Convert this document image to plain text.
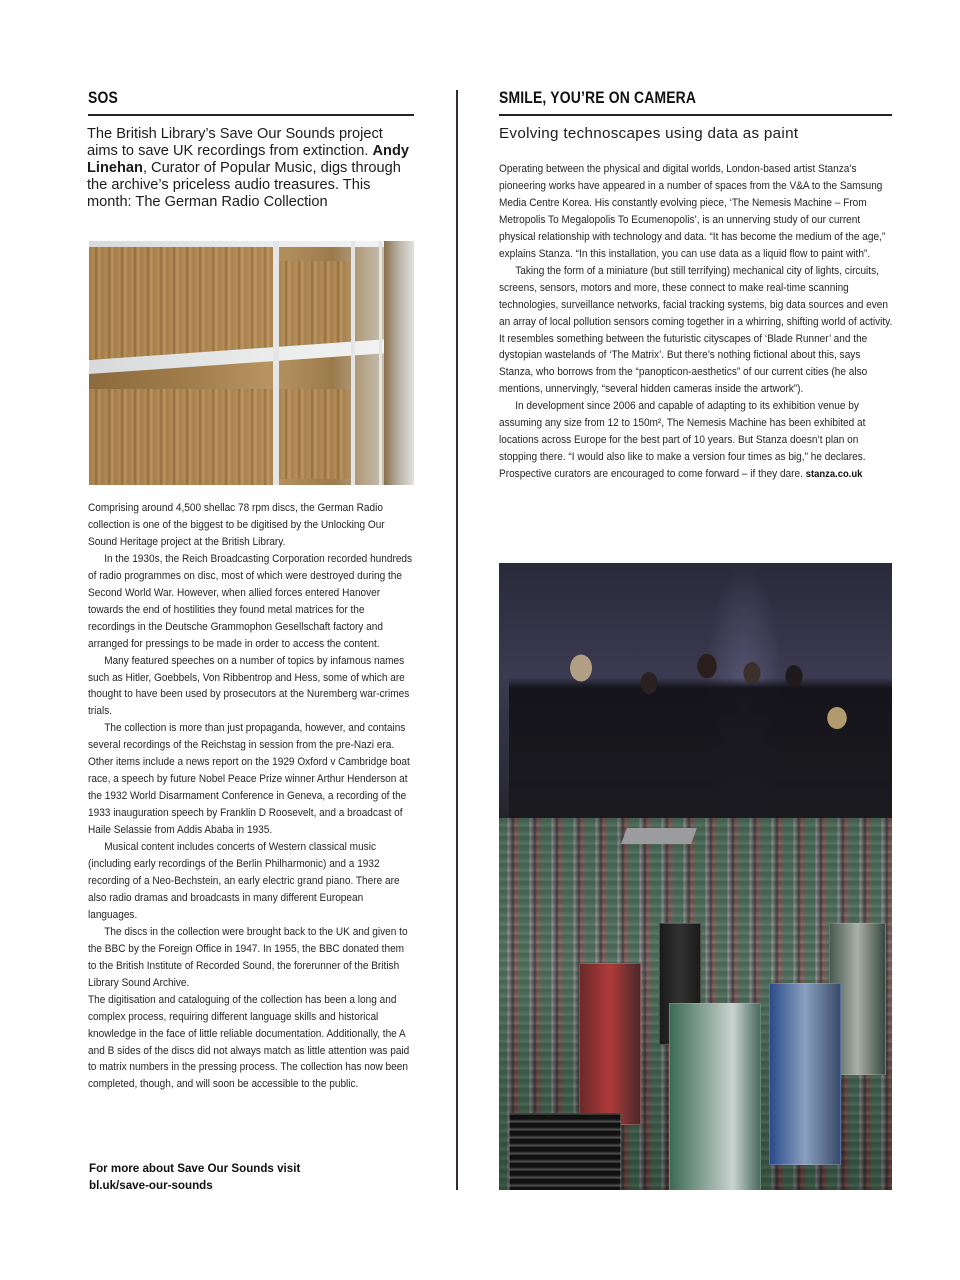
SOS
The British Library’s Save Our Sounds project aims to save UK recordings from extinction. Andy Linehan, Curator of Popular Music, digs through the archive’s priceless audio treasures. This month: The German Radio Collection

Comprising around 4,500 shellac 78 rpm discs, the German Radio collection is one of the biggest to be digitised by the Unlocking Our Sound Heritage project at the British Library.

In the 1930s, the Reich Broadcasting Corporation recorded hundreds of radio programmes on disc, most of which were destroyed during the Second World War. However, when allied forces entered Hanover towards the end of hostilities they found metal matrices for the recordings in the Deutsche Grammophon Gesellschaft factory and arranged for pressings to be made in order to access the content.

Many featured speeches on a number of topics by infamous names such as Hitler, Goebbels, Von Ribbentrop and Hess, some of which are thought to have been used by prosecutors at the Nuremberg war-crimes trials.

The collection is more than just propaganda, however, and contains several recordings of the Reichstag in session from the pre-Nazi era. Other items include a news report on the 1929 Oxford v Cambridge boat race, a speech by future Nobel Peace Prize winner Arthur Henderson at the 1932 World Disarmament Conference in Geneva, a recording of the 1933 inauguration speech by Franklin D Roosevelt, and a broadcast of Haile Selassie from Addis Ababa in 1935.

Musical content includes concerts of Western classical music (including early recordings of the Berlin Philharmonic) and a 1932 recording of a Neo-Bechstein, an early electric grand piano. There are also radio dramas and broadcasts in many different European languages.

The discs in the collection were brought back to the UK and given to the BBC by the Foreign Office in 1947. In 1955, the BBC donated them to the British Institute of Recorded Sound, the forerunner of the British Library Sound Archive.

The digitisation and cataloguing of the collection has been a long and complex process, requiring different language skills and historical knowledge in the face of little reliable documentation. Additionally, the A and B sides of the discs did not always match as little attention was paid to matrix numbers in the pressing process. The collection has now been completed, though, and will soon be accessible to the public.

For more about Save Our Sounds visit
bl.uk/save-our-sounds
SMILE, YOU’RE ON CAMERA
Evolving technoscapes using data as paint

Operating between the physical and digital worlds, London-based artist Stanza’s pioneering works have appeared in a number of spaces from the V&A to the Samsung Media Centre Korea. His constantly evolving piece, ‘The Nemesis Machine – From Metropolis To Megalopolis To Ecumenopolis’, is an unnerving study of our current physical relationship with technology and data. “It has become the medium of the age,” explains Stanza. “In this installation, you can use data as a liquid flow to paint with”.

Taking the form of a miniature (but still terrifying) mechanical city of lights, circuits, screens, sensors, motors and more, these connect to make real-time scanning technologies, surveillance networks, facial tracking systems, big data sources and even an array of local pollution sensors coming together in a whirring, shifting world of activity. It resembles something between the futuristic cityscapes of ‘Blade Runner’ and the dystopian wastelands of ‘The Matrix’. But there’s nothing fictional about this, says Stanza, who borrows from the “panopticon-aesthetics” of our current cities (he also mentions, unnervingly, “several hidden cameras inside the artwork”).

In development since 2006 and capable of adapting to its exhibition venue by assuming any size from 12 to 150m², The Nemesis Machine has been exhibited at locations across Europe for the best part of 10 years. But Stanza doesn’t plan on stopping there. “I would also like to make a version four times as big,” he declares. Prospective curators are encouraged to come forward – if they dare. stanza.co.uk
